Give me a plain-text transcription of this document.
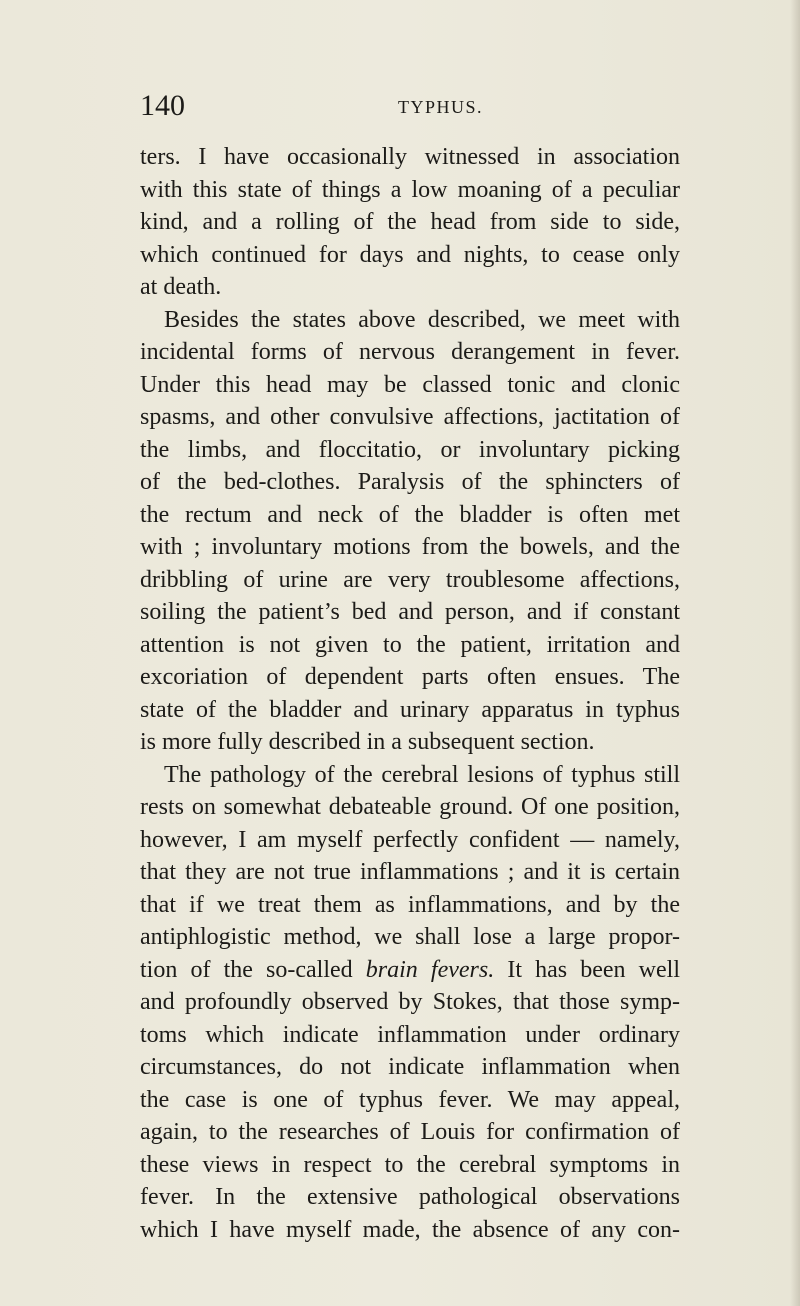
140	TYPHUS.
ters. I have occasionally witnessed in association
with this state of things a low moaning of a peculiar
kind, and a rolling of the head from side to side,
which continued for days and nights, to cease only
at death.
Besides the states above described, we meet with
incidental forms of nervous derangement in fever.
Under this head may be classed tonic and clonic
spasms, and other convulsive affections, jactitation of
the limbs, and floccitatio, or involuntary picking
of the bed-clothes. Paralysis of the sphincters of
the rectum and neck of the bladder is often met
with ; involuntary motions from the bowels, and the
dribbling of urine are very troublesome affections,
soiling the patient’s bed and person, and if constant
attention is not given to the patient, irritation and
excoriation of dependent parts often ensues. The
state of the bladder and urinary apparatus in typhus
is more fully described in a subsequent section.
The pathology of the cerebral lesions of typhus still
rests on somewhat debateable ground. Of one position,
however, I am myself perfectly confident — namely,
that they are not true inflammations ; and it is certain
that if we treat them as inflammations, and by the
antiphlogistic method, we shall lose a large propor-
tion of the so-called brain fevers. It has been well
and profoundly observed by Stokes, that those symp-
toms which indicate inflammation under ordinary
circumstances, do not indicate inflammation when
the case is one of typhus fever. We may appeal,
again, to the researches of Louis for confirmation of
these views in respect to the cerebral symptoms in
fever. In the extensive pathological observations
which I have myself made, the absence of any con-
